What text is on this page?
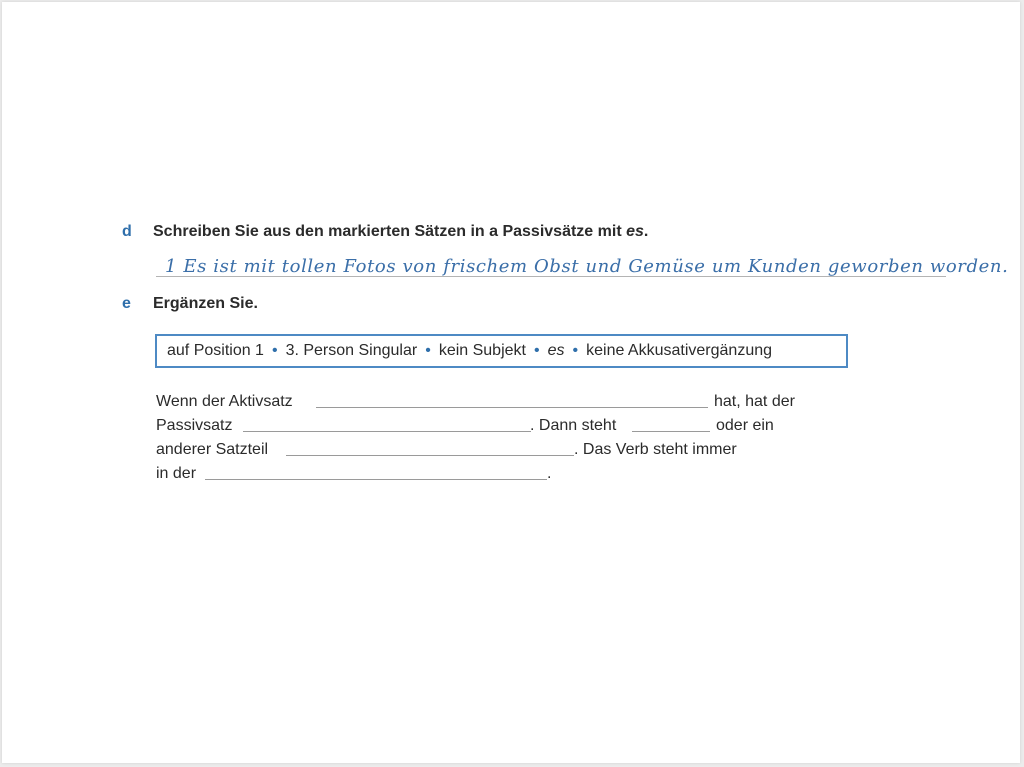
d Schreiben Sie aus den markierten Sätzen in a Passivsätze mit es.
1 Es ist mit tollen Fotos von frischem Obst und Gemüse um Kunden geworben worden.
e Ergänzen Sie.
auf Position 1 • 3. Person Singular • kein Subjekt • es • keine Akkusativergänzung
Wenn der Aktivsatz	hat, hat der
Passivsatz	. Dann steht	oder ein
anderer Satzteil	. Das Verb steht immer
in der	.
